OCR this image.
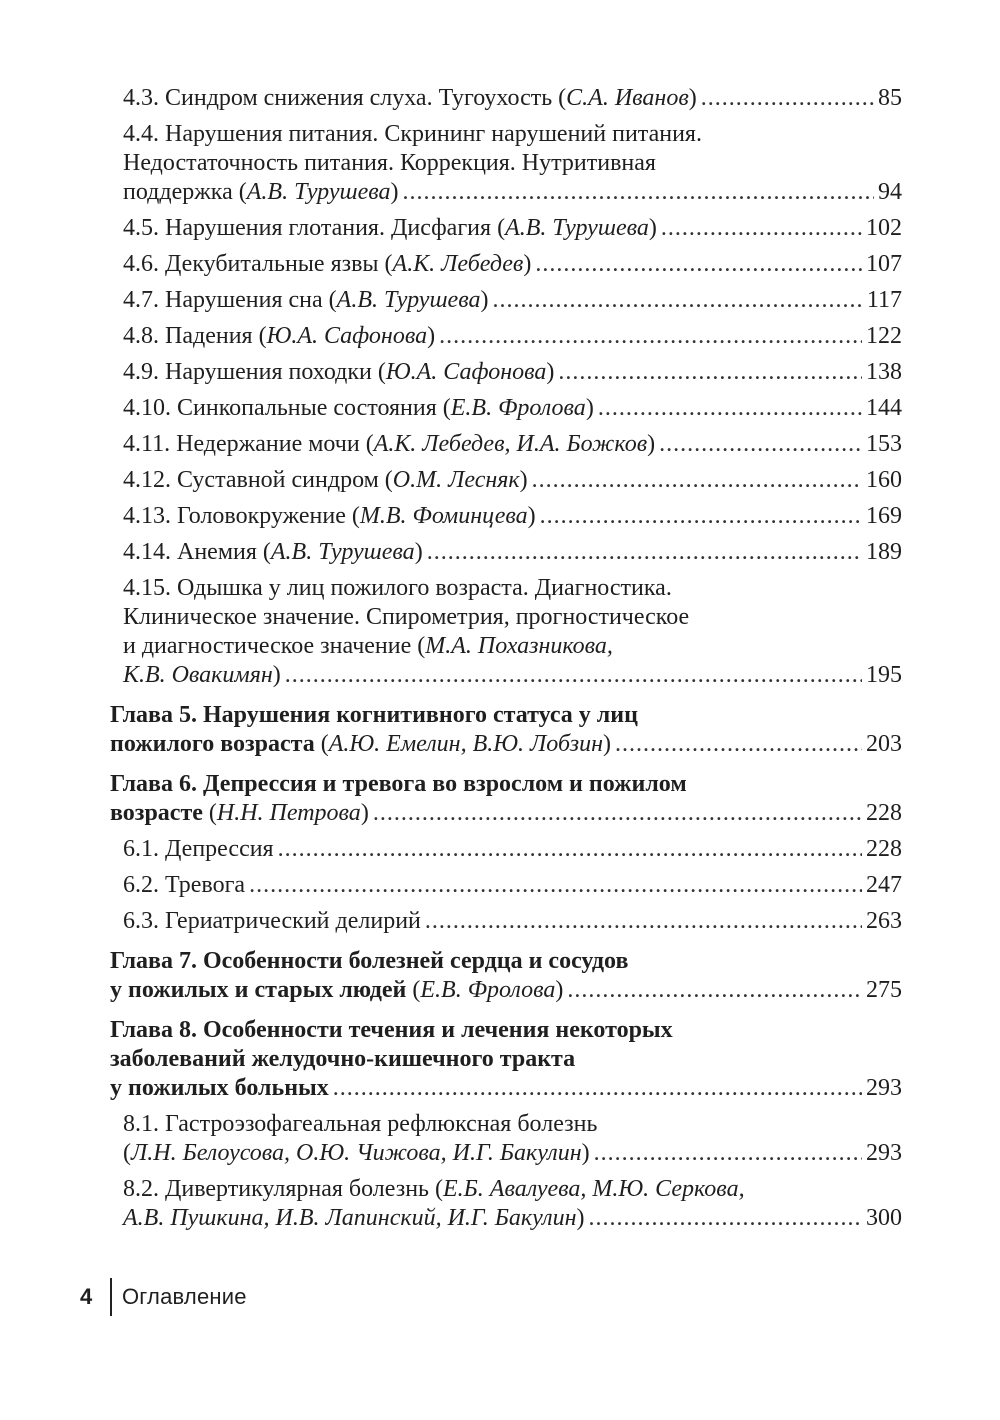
4.3. Синдром снижения слуха. Тугоухость (С.А. Иванов) .....	85
4.4. Нарушения питания. Скрининг нарушений питания.
Недостаточность питания. Коррекция. Нутритивная
поддержка (А.В. Турушева) .....	94
4.5. Нарушения глотания. Дисфагия (А.В. Турушева) .....	102
4.6. Декубитальные язвы (А.К. Лебедев) .....	107
4.7. Нарушения сна (А.В. Турушева) .....	117
4.8. Падения (Ю.А. Сафонова) .....	122
4.9. Нарушения походки (Ю.А. Сафонова) .....	138
4.10. Синкопальные состояния (Е.В. Фролова) .....	144
4.11. Недержание мочи (А.К. Лебедев, И.А. Божков) .....	153
4.12. Суставной синдром (О.М. Лесняк) .....	160
4.13. Головокружение (М.В. Фоминцева) .....	169
4.14. Анемия (А.В. Турушева) .....	189
4.15. Одышка у лиц пожилого возраста. Диагностика.
Клиническое значение. Спирометрия, прогностическое
и диагностическое значение (М.А. Похазникова,
К.В. Овакимян) .....	195
Глава 5. Нарушения когнитивного статуса у лиц
пожилого возраста (А.Ю. Емелин, В.Ю. Лобзин) .....	203
Глава 6. Депрессия и тревога во взрослом и пожилом
возрасте (Н.Н. Петрова) .....	228
6.1. Депрессия .....	228
6.2. Тревога .....	247
6.3. Гериатрический делирий .....	263
Глава 7. Особенности болезней сердца и сосудов
у пожилых и старых людей (Е.В. Фролова) .....	275
Глава 8. Особенности течения и лечения некоторых
заболеваний желудочно-кишечного тракта
у пожилых больных .....	293
8.1. Гастроэзофагеальная рефлюксная болезнь
(Л.Н. Белоусова, О.Ю. Чижова, И.Г. Бакулин) .....	293
8.2. Дивертикулярная болезнь (Е.Б. Авалуева, М.Ю. Серкова,
А.В. Пушкина, И.В. Лапинский, И.Г. Бакулин) .....	300
4	Оглавление
